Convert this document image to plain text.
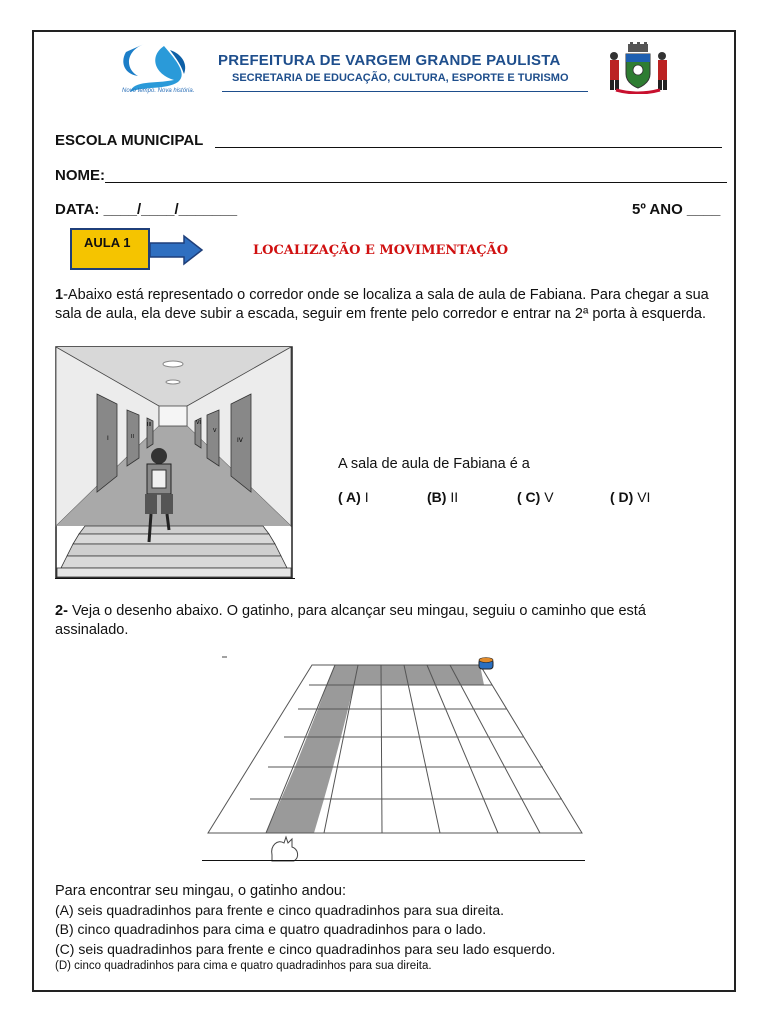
Novo tempo. Nova história.
PREFEITURA DE VARGEM GRANDE PAULISTA
SECRETARIA DE EDUCAÇÃO, CULTURA, ESPORTE E TURISMO
ESCOLA MUNICIPAL
NOME:
DATA: ____/____/_______	5º ANO ____
AULA 1
LOCALIZAÇÃO E MOVIMENTAÇÃO
1-Abaixo está representado o corredor onde se localiza a sala de aula de Fabiana. Para chegar a sua sala de aula, ela deve subir a escada, seguir em frente pelo corredor e entrar na 2ª porta à esquerda.
I	II
III
IV
V
VI
A sala de aula de Fabiana é a
( A) I	(B) II	( C) V	( D) VI
2- Veja o desenho abaixo. O gatinho, para alcançar seu mingau, seguiu o caminho que está assinalado.
Para encontrar seu mingau, o gatinho andou:
(A) seis quadradinhos para frente e cinco quadradinhos para sua direita.
(B) cinco quadradinhos para cima e quatro quadradinhos para o lado.
(C) seis quadradinhos para frente e cinco quadradinhos para seu lado esquerdo.
(D) cinco quadradinhos para cima e quatro quadradinhos para sua direita.
